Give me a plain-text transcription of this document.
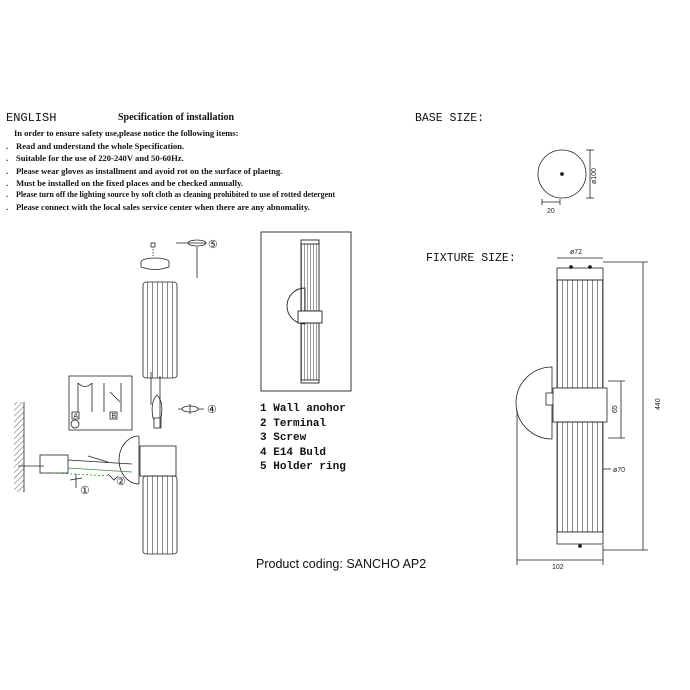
ENGLISH	Specification of installation
In order to ensure safety use,please notice the following items:
. Read and understand the whole Specification.
. Suitable for the use of 220-240V and 50-60Hz.
. Please wear gloves as installment and avoid rot on the surface of plaetng.
. Must be installed on the fixed places and be checked annually.
. Please turn off the lighting source by soft cloth as cleaning prohibited to use of rotted detergent
. Please connect with the local sales service center when there are any abnomality.
BASE SIZE:
FIXTURE SIZE:
ø100
20
ø72
440
65
ø70
102
A	B
⑤
④
①
②
1 Wall anohor
2 Terminal
3 Screw
4 E14 Buld
5 Holder ring
Product coding: SANCHO AP2
